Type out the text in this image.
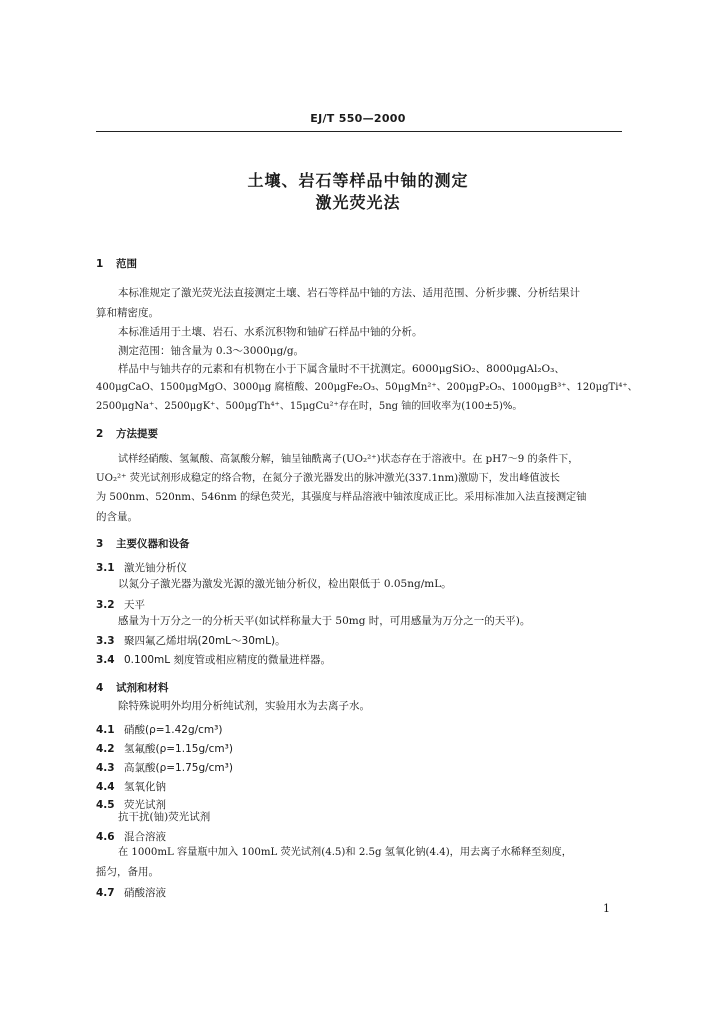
EJ/T 550—2000
土壤、岩石等样品中铀的测定
激光荧光法
1 范围
本标准规定了激光荧光法直接测定土壤、岩石等样品中铀的方法、适用范围、分析步骤、分析结果计
算和精密度。
本标准适用于土壤、岩石、水系沉积物和铀矿石样品中铀的分析。
测定范围：铀含量为 0.3～3000μg/g。
样品中与铀共存的元素和有机物在小于下属含量时不干扰测定。6000μgSiO₂、8000μgAl₂O₃、
400μgCaO、1500μgMgO、3000μg 腐植酸、200μgFe₂O₃、50μgMn²⁺、200μgP₂O₅、1000μgB³⁺、120μgTi⁴⁺、
2500μgNa⁺、2500μgK⁺、500μgTh⁴⁺、15μgCu²⁺存在时，5ng 铀的回收率为(100±5)%。
2 方法提要
试样经硝酸、氢氟酸、高氯酸分解，铀呈铀酰离子(UO₂²⁺)状态存在于溶液中。在 pH7～9 的条件下，
UO₂²⁺ 荧光试剂形成稳定的络合物，在氮分子激光器发出的脉冲激光(337.1nm)激励下，发出峰值波长
为 500nm、520nm、546nm 的绿色荧光，其强度与样品溶液中铀浓度成正比。采用标准加入法直接测定铀
的含量。
3 主要仪器和设备
3.1 激光铀分析仪
以氮分子激光器为激发光源的激光铀分析仪，检出限低于 0.05ng/mL。
3.2 天平
感量为十万分之一的分析天平(如试样称量大于 50mg 时，可用感量为万分之一的天平)。
3.3 聚四氟乙烯坩埚(20mL～30mL)。
3.4 0.100mL 刻度管或相应精度的微量进样器。
4 试剂和材料
除特殊说明外均用分析纯试剂，实验用水为去离子水。
4.1 硝酸(ρ=1.42g/cm³)
4.2 氢氟酸(ρ=1.15g/cm³)
4.3 高氯酸(ρ=1.75g/cm³)
4.4 氢氧化钠
4.5 荧光试剂
抗干扰(铀)荧光试剂
4.6 混合溶液
在 1000mL 容量瓶中加入 100mL 荧光试剂(4.5)和 2.5g 氢氧化钠(4.4)，用去离子水稀释至刻度，
摇匀，备用。
4.7 硝酸溶液
1
